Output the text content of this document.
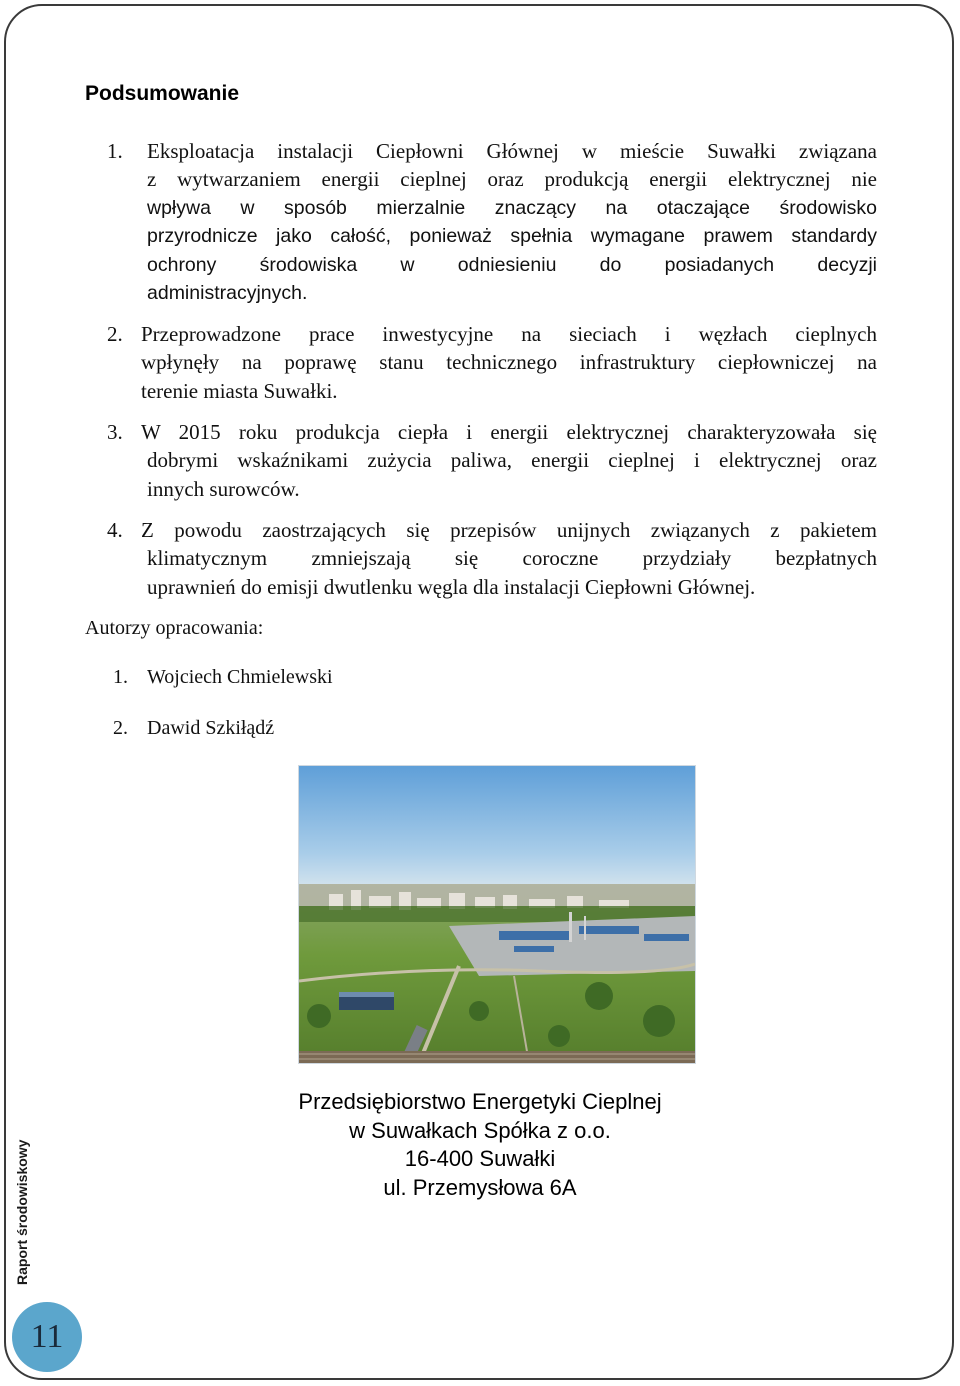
Podsumowanie
1. Eksploatacja instalacji Ciepłowni Głównej w mieście Suwałki związana
z wytwarzaniem energii cieplnej oraz produkcją energii elektrycznej nie
wpływa w sposób mierzalnie znaczący na otaczające środowisko
przyrodnicze jako całość, ponieważ spełnia wymagane prawem standardy
ochrony środowiska w odniesieniu do posiadanych decyzji
administracyjnych.
2. Przeprowadzone prace inwestycyjne na sieciach i węzłach cieplnych
wpłynęły na poprawę stanu technicznego infrastruktury ciepłowniczej na
terenie miasta Suwałki.
3. W 2015 roku produkcja ciepła i energii elektrycznej charakteryzowała się
dobrymi wskaźnikami zużycia paliwa, energii cieplnej i elektrycznej oraz
innych surowców.
4. Z powodu zaostrzających się przepisów unijnych związanych z pakietem
klimatycznym zmniejszają się coroczne przydziały bezpłatnych
uprawnień do emisji dwutlenku węgla dla instalacji Ciepłowni Głównej.
Autorzy opracowania:
1. Wojciech Chmielewski
2. Dawid Szkiłądź
Przedsiębiorstwo Energetyki Cieplnej
w Suwałkach Spółka z o.o.
16-400 Suwałki
ul. Przemysłowa 6A
Raport środowiskowy
11
